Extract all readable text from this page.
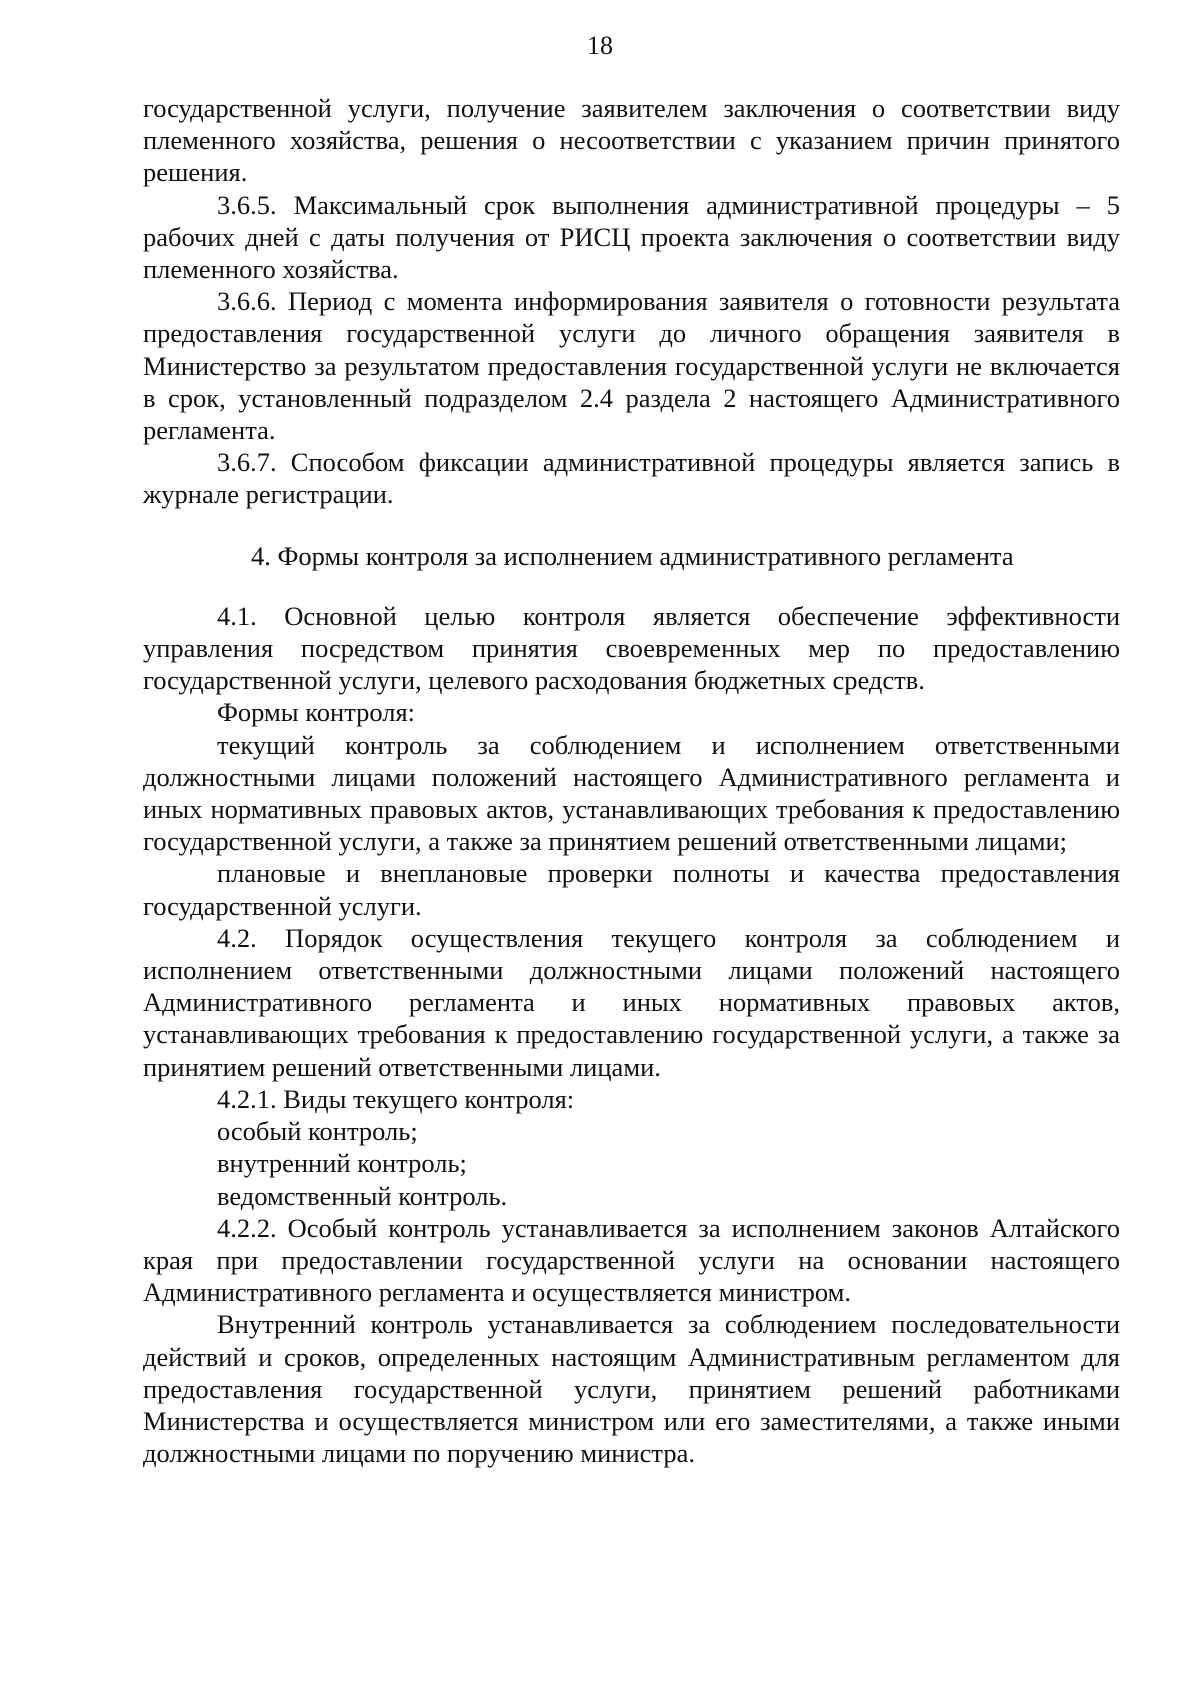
18

государственной услуги, получение заявителем заключения о соответствии виду племенного хозяйства, решения о несоответствии с указанием причин принятого решения.

3.6.5. Максимальный срок выполнения административной процедуры – 5 рабочих дней с даты получения от РИСЦ проекта заключения о соответствии виду племенного хозяйства.

3.6.6. Период с момента информирования заявителя о готовности результата предоставления государственной услуги до личного обращения заявителя в Министерство за результатом предоставления государственной услуги не включается в срок, установленный подразделом 2.4 раздела 2 настоящего Административного регламента.

3.6.7. Способом фиксации административной процедуры является запись в журнале регистрации.

4. Формы контроля за исполнением административного регламента

4.1. Основной целью контроля является обеспечение эффективности управления посредством принятия своевременных мер по предоставлению государственной услуги, целевого расходования бюджетных средств.

Формы контроля:

текущий контроль за соблюдением и исполнением ответственными должностными лицами положений настоящего Административного регламента и иных нормативных правовых актов, устанавливающих требования к предоставлению государственной услуги, а также за принятием решений ответственными лицами;

плановые и внеплановые проверки полноты и качества предоставления государственной услуги.

4.2. Порядок осуществления текущего контроля за соблюдением и исполнением ответственными должностными лицами положений настоящего Административного регламента и иных нормативных правовых актов, устанавливающих требования к предоставлению государственной услуги, а также за принятием решений ответственными лицами.

4.2.1. Виды текущего контроля:

особый контроль;

внутренний контроль;

ведомственный контроль.

4.2.2. Особый контроль устанавливается за исполнением законов Алтайского края при предоставлении государственной услуги на основании настоящего Административного регламента и осуществляется министром.

Внутренний контроль устанавливается за соблюдением последовательности действий и сроков, определенных настоящим Административным регламентом для предоставления государственной услуги, принятием решений работниками Министерства и осуществляется министром или его заместителями, а также иными должностными лицами по поручению министра.
